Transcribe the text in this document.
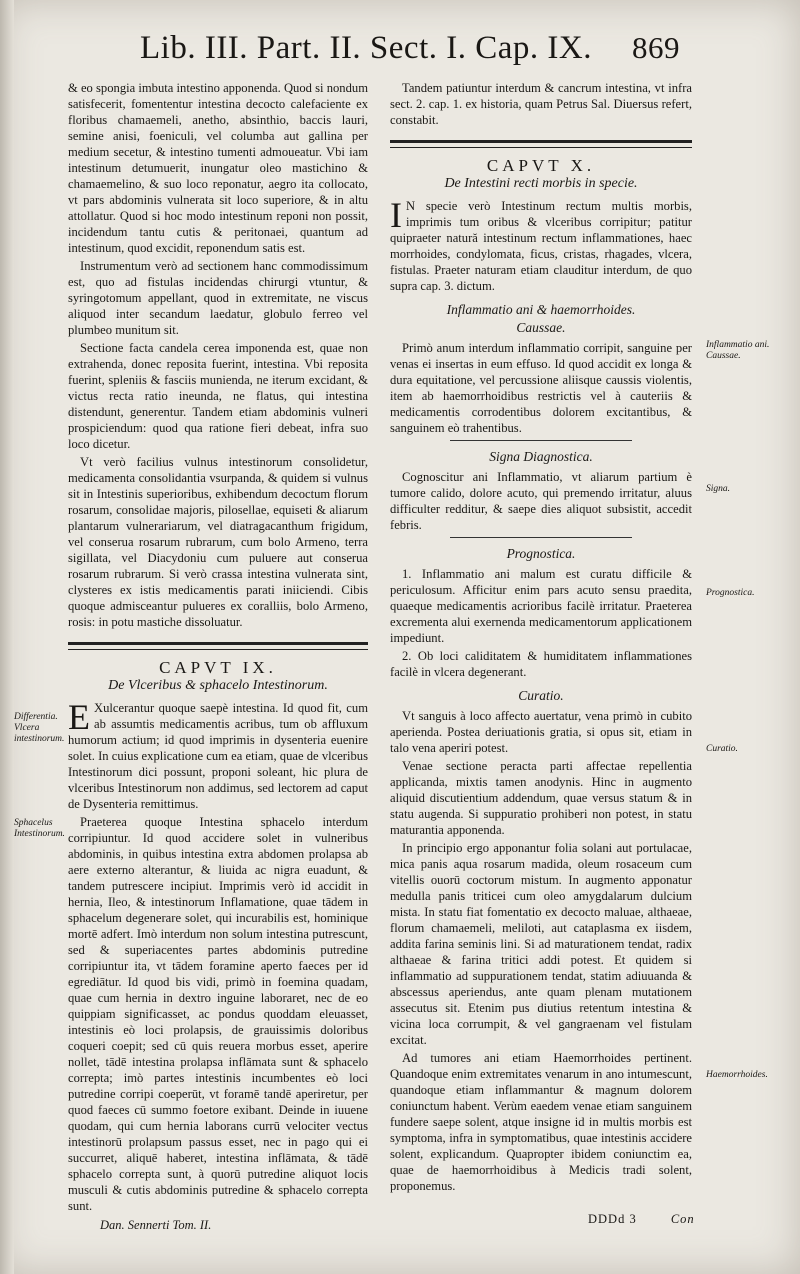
Lib. III. Part. II. Sect. I. Cap. IX. 869

& eo spongia imbuta intestino apponenda. Quod si nondum satisfecerit, fomententur intestina decocto calefaciente ex floribus chamaemeli, anetho, absinthio, baccis lauri, semine anisi, foeniculi, vel columba aut gallina per medium secetur, & intestino tumenti admoueatur. Vbi iam intestinum detumuerit, inungatur oleo mastichino & chamaemelino, & suo loco reponatur, aegro ita collocato, vt pars abdominis vulnerata sit loco superiore, & in altu attollatur. Quod si hoc modo intestinum reponi non possit, incidendum tantu cutis & peritonaei, quantum ad intestinum, quod excidit, reponendum satis est.

Instrumentum verò ad sectionem hanc commodissimum est, quo ad fistulas incidendas chirurgi vtuntur, & syringotomum appellant, quod in extremitate, ne viscus aliquod inter secandum laedatur, globulo ferreo vel plumbeo munitum sit.

Sectione facta candela cerea imponenda est, quae non extrahenda, donec reposita fuerint, intestina. Vbi reposita fuerint, spleniis & fasciis munienda, ne iterum excidant, & victus recta ratio ineunda, ne flatus, qui intestina distendunt, generentur. Tandem etiam abdominis vulneri prospiciendum: quod qua ratione fieri debeat, infra suo loco dicetur.

Vt verò facilius vulnus intestinorum consolidetur, medicamenta consolidantia vsurpanda, & quidem si vulnus sit in Intestinis superioribus, exhibendum decoctum florum rosarum, consolidae majoris, pilosellae, equiseti & aliarum plantarum vulnerariarum, vel diatragacanthum frigidum, vel conserua rosarum rubrarum, cum bolo Armeno, terra sigillata, vel Diacydoniu cum puluere aut conserua rosarum rubrarum. Si verò crassa intestina vulnerata sint, clysteres ex istis medicamentis parati iniiciendi. Cibis quoque admisceantur pulueres ex coralliis, bolo Armeno, rosis: in potu mastiche dissoluatur.

CAPVT IX.
De Vlceribus & sphacelo Intestinorum.

E Xulcerantur quoque saepè intestina. Id quod fit, cum ab assumtis medicamentis acribus, tum ob affluxum humorum actium; id quod imprimis in dysenteria euenire solet. In cuius explicatione cum ea etiam, quae de vlceribus Intestinorum dici possunt, proponi soleant, hic plura de vlceribus Intestinorum non addimus, sed lectorem ad caput de Dysenteria remittimus.

Praeterea quoque Intestina sphacelo interdum corripiuntur. Id quod accidere solet in vulneribus abdominis, in quibus intestina extra abdomen prolapsa ab aere externo alterantur, & liuida ac nigra euadunt, & tandem putrescere incipiut. Imprimis verò id accidit in hernia, Ileo, & intestinorum Inflamatione, quae tādem in sphacelum degenerare solet, qui incurabilis est, hominique mortē adfert. Imò interdum non solum intestina putrescunt, sed & superiacentes partes abdominis putredine corripiuntur ita, vt tādem foramine aperto faeces per id egrediātur. Id quod bis vidi, primò in foemina quadam, quae cum hernia in dextro inguine laboraret, nec de eo quippiam significasset, ac pondus quoddam eleuasset, intestinis eò loci prolapsis, de grauissimis doloribus coqueri coepit; sed cū quis reuera morbus esset, aperire nollet, tādē intestina prolapsa inflāmata sunt & sphacelo correpta; imò partes intestinis incumbentes eò loci putredine corripi coeperūt, vt foramē tandē aperiretur, per quod faeces cū summo foetore exibant. Deinde in iuuene quodam, qui cum hernia laborans currū velociter vectus intestinorū prolapsum passus esset, nec in pago qui ei succurret, aliquē haberet, intestina inflāmata, & tādē sphacelo correpta sunt, à quorū putredine aliquot locis musculi & cutis abdominis putredine & sphacelo correpta sunt.

Tandem patiuntur interdum & cancrum intestina, vt infra sect. 2. cap. 1. ex historia, quam Petrus Sal. Diuersus refert, constabit.

CAPVT X.
De Intestini recti morbis in specie.

I N specie verò Intestinum rectum multis morbis, imprimis tum oribus & vlceribus corripitur; patitur quipraeter natură intestinum rectum inflammationes, haec morrhoides, condylomata, ficus, cristas, rhagades, vlcera, fistulas. Praeter naturam etiam clauditur interdum, de quo supra cap. 3. dictum.

Inflammatio ani & haemorrhoides.
Caussae.

Primò anum interdum inflammatio corripit, sanguine per venas ei insertas in eum effuso. Id quod accidit ex longa & dura equitatione, vel percussione aliisque caussis violentis, item ab haemorrhoidibus restrictis vel à cauteriis & medicamentis corrodentibus dolorem excitantibus, & sanguinem eò trahentibus.

Signa Diagnostica.

Cognoscitur ani Inflammatio, vt aliarum partium è tumore calido, dolore acuto, qui premendo irritatur, aluus difficulter redditur, & saepe dies aliquot subsistit, accedit febris.

Prognostica.

1. Inflammatio ani malum est curatu difficile & periculosum. Afficitur enim pars acuto sensu praedita, quaeque medicamentis acrioribus facilè irritatur. Praeterea excrementa alui exernenda medicamentorum applicationem impediunt.

2. Ob loci caliditatem & humiditatem inflammationes facilè in vlcera degenerant.

Curatio.

Vt sanguis à loco affecto auertatur, vena primò in cubito aperienda. Postea deriuationis gratia, si opus sit, etiam in talo vena aperiri potest.

Venae sectione peracta parti affectae repellentia applicanda, mixtis tamen anodynis. Hinc in augmento aliquid discutientium addendum, quae versus statum & in statu augenda. Si suppuratio prohiberi non potest, in statu maturantia apponenda.

In principio ergo apponantur folia solani aut portulacae, mica panis aqua rosarum madida, oleum rosaceum cum vitellis ouorū coctorum mistum. In augmento apponatur medulla panis triticei cum oleo amygdalarum dulcium mista. In statu fiat fomentatio ex decocto maluae, althaeae, florum chamaemeli, meliloti, aut cataplasma ex iisdem, addita farina seminis lini. Si ad maturationem tendat, radix althaeae & farina tritici addi potest. Et quidem si inflammatio ad suppurationem tendat, statim adiuuanda & abscessus aperiendus, ante quam plenam mutationem assecutus sit. Etenim pus diutius retentum intestina & vicina loca corrumpit, & vel gangraenam vel fistulam excitat.

Ad tumores ani etiam Haemorrhoides pertinent. Quandoque enim extremitates venarum in ano intumescunt, quandoque etiam inflammantur & magnum dolorem coniunctum habent. Verùm eaedem venae etiam sanguinem fundere saepe solent, atque insigne id in multis morbis est symptoma, infra in symptomatibus, quae intestinis accidere solent, explicandum. Quapropter ibidem coniunctim ea, quae de haemorrhoidibus à Medicis tradi solent, proponemus.

Differentia. Vlcera intestinorum.
Sphacelus Intestinorum.
Inflammatio ani. Caussae.
Signa.
Prognostica.
Curatio.
Haemorrhoides.
Dan. Sennerti Tom. II.	DDDd 3	Con
